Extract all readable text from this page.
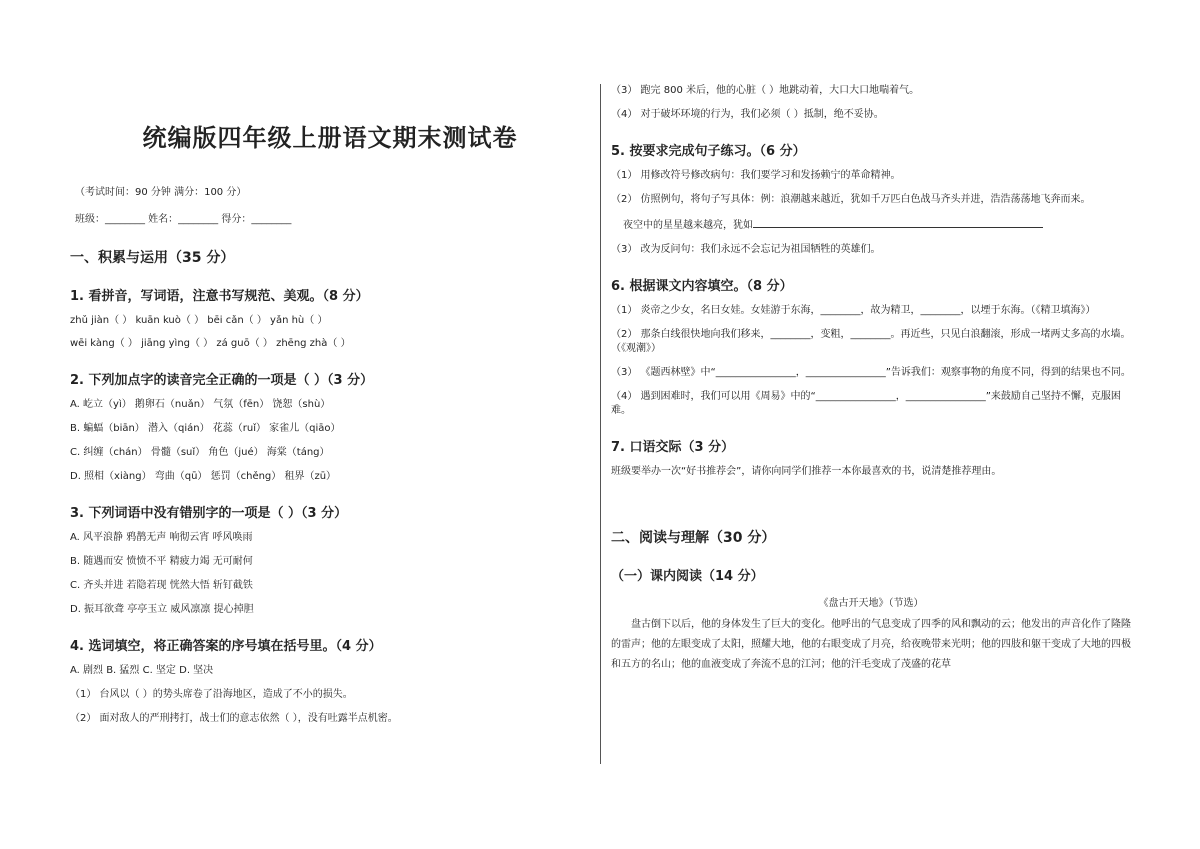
统编版四年级上册语文期末测试卷
（考试时间：90 分钟 满分：100 分）
班级：________ 姓名：________ 得分：________
一、积累与运用（35 分）
1. 看拼音，写词语，注意书写规范、美观。（8 分）
zhǔ jiàn（ ） kuān kuò（ ） bēi cǎn（ ） yǎn hù（ ）
wēi kàng（ ） jiāng yìng（ ） zá guō（ ） zhēng zhà（ ）
2. 下列加点字的读音完全正确的一项是（ ）（3 分）
A. 屹立（yì） 鹅卵石（nuǎn） 气氛（fēn） 饶恕（shù）
B. 蝙蝠（biān） 潜入（qián） 花蕊（ruǐ） 家雀儿（qiāo）
C. 纠缠（chán） 骨髓（suǐ） 角色（jué） 海棠（táng）
D. 照相（xiàng） 弯曲（qū） 惩罚（chěng） 租界（zū）
3. 下列词语中没有错别字的一项是（ ）（3 分）
A. 风平浪静 鸦鹊无声 响彻云宵 呼风唤雨
B. 随遇而安 愤愤不平 精疲力竭 无可耐何
C. 齐头并进 若隐若现 恍然大悟 斩钉截铁
D. 振耳欲聋 亭亭玉立 威风凛凛 提心掉胆
4. 选词填空，将正确答案的序号填在括号里。（4 分）
A. 剧烈 B. 猛烈 C. 坚定 D. 坚决
（1） 台风以（ ）的势头席卷了沿海地区，造成了不小的损失。
（2） 面对敌人的严刑拷打，战士们的意志依然（ ），没有吐露半点机密。
（3） 跑完 800 米后，他的心脏（ ）地跳动着，大口大口地喘着气。
（4） 对于破坏环境的行为，我们必须（ ）抵制，绝不妥协。
5. 按要求完成句子练习。（6 分）
（1） 用修改符号修改病句：我们要学习和发扬赖宁的革命精神。
（2） 仿照例句，将句子写具体：例：浪潮越来越近，犹如千万匹白色战马齐头并进，浩浩荡荡地飞奔而来。
夜空中的星星越来越亮，犹如
（3） 改为反问句：我们永远不会忘记为祖国牺牲的英雄们。
6. 根据课文内容填空。（8 分）
（1） 炎帝之少女，名曰女娃。女娃游于东海，________，故为精卫，________，以堙于东海。（《精卫填海》）
（2） 那条白线很快地向我们移来，________，变粗，________。再近些，只见白浪翻滚，形成一堵两丈多高的水墙。（《观潮》）
（3） 《题西林壁》中“________________，________________”告诉我们：观察事物的角度不同，得到的结果也不同。
（4） 遇到困难时，我们可以用《周易》中的“________________，________________”来鼓励自己坚持不懈，克服困难。
7. 口语交际（3 分）
班级要举办一次“好书推荐会”，请你向同学们推荐一本你最喜欢的书，说清楚推荐理由。
二、阅读与理解（30 分）
（一）课内阅读（14 分）
《盘古开天地》（节选）

盘古倒下以后，他的身体发生了巨大的变化。他呼出的气息变成了四季的风和飘动的云；他发出的声音化作了隆隆的雷声；他的左眼变成了太阳，照耀大地，他的右眼变成了月亮，给夜晚带来光明；他的四肢和躯干变成了大地的四极和五方的名山；他的血液变成了奔流不息的江河；他的汗毛变成了茂盛的花草
